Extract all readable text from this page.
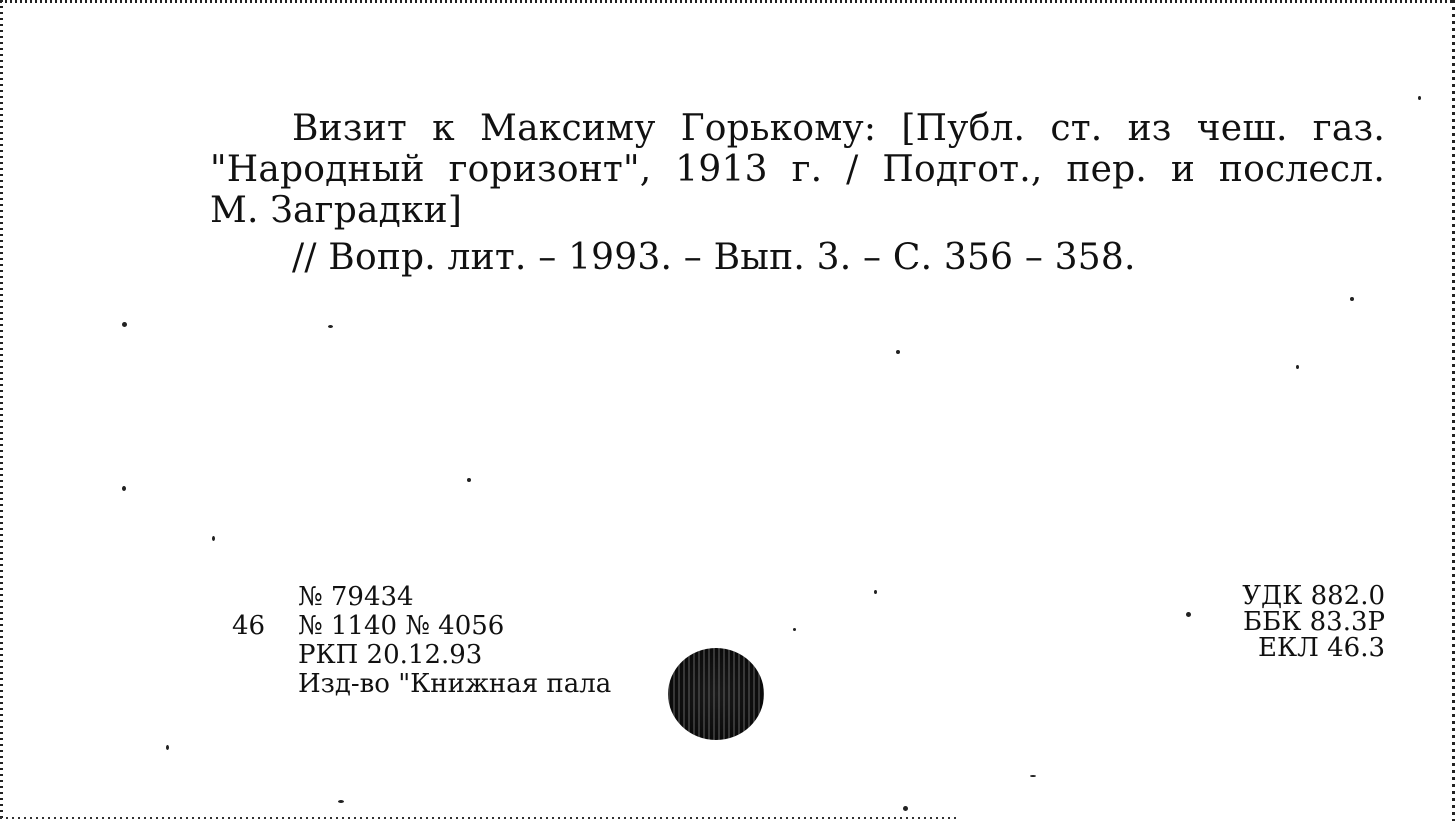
Визит к Максиму Горькому: [Публ. ст. из чеш. газ.
"Народный горизонт", 1913 г. / Подгот., пер. и послесл.
М. Заградки]
// Вопр. лит. – 1993. – Вып. 3. – С. 356 – 358.
№ 79434
46	№ 1140 № 4056
РКП 20.12.93
Изд-во "Книжная пала
УДК 882.0
ББК 83.3Р
ЕКЛ 46.3
